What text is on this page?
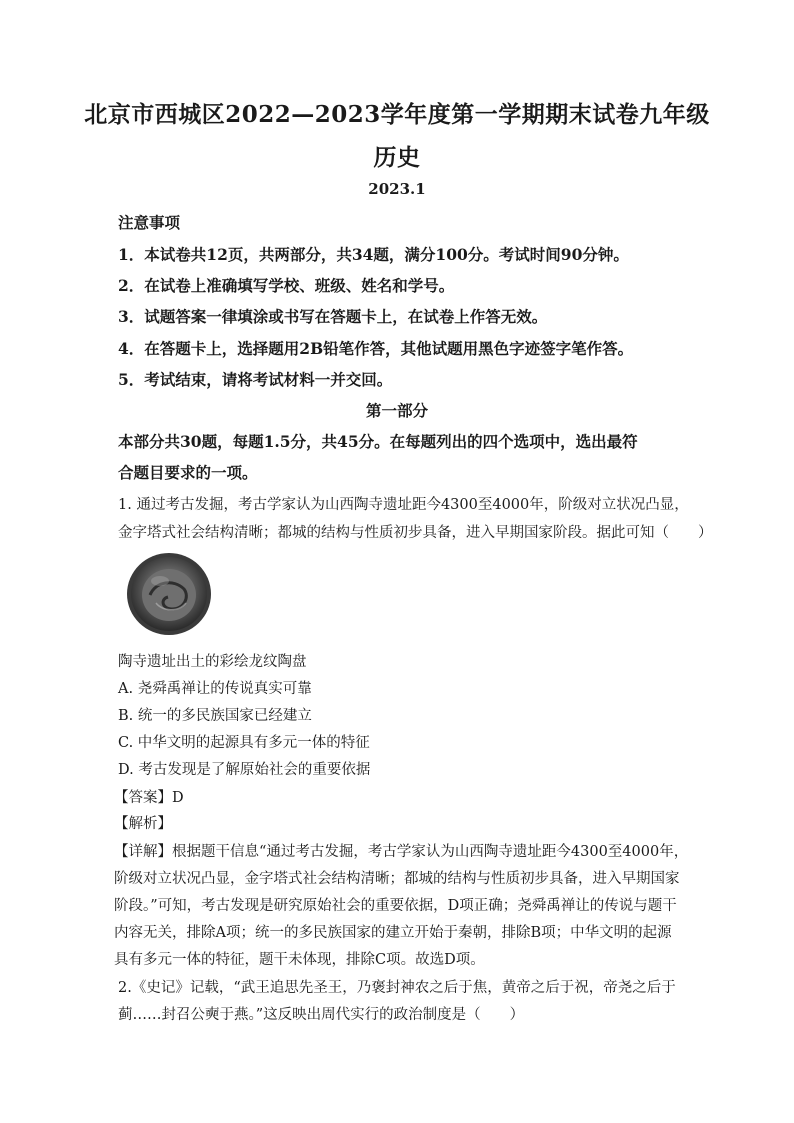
北京市西城区2022—2023学年度第一学期期末试卷九年级
历史
2023.1
注意事项
1．本试卷共12页，共两部分，共34题，满分100分。考试时间90分钟。
2．在试卷上准确填写学校、班级、姓名和学号。
3．试题答案一律填涂或书写在答题卡上，在试卷上作答无效。
4．在答题卡上，选择题用2B铅笔作答，其他试题用黑色字迹签字笔作答。
5．考试结束，请将考试材料一并交回。
第一部分
本部分共30题，每题1.5分，共45分。在每题列出的四个选项中，选出最符
合题目要求的一项。
1. 通过考古发掘，考古学家认为山西陶寺遗址距今4300至4000年，阶级对立状况凸显，
金字塔式社会结构清晰；都城的结构与性质初步具备，进入早期国家阶段。据此可知（　　）
陶寺遗址出土的彩绘龙纹陶盘
A. 尧舜禹禅让的传说真实可靠
B. 统一的多民族国家已经建立
C. 中华文明的起源具有多元一体的特征
D. 考古发现是了解原始社会的重要依据
【答案】D
【解析】
【详解】根据题干信息“通过考古发掘，考古学家认为山西陶寺遗址距今4300至4000年，
阶级对立状况凸显，金字塔式社会结构清晰；都城的结构与性质初步具备，进入早期国家
阶段。”可知，考古发现是研究原始社会的重要依据，D项正确；尧舜禹禅让的传说与题干
内容无关，排除A项；统一的多民族国家的建立开始于秦朝，排除B项；中华文明的起源
具有多元一体的特征，题干未体现，排除C项。故选D项。
2.《史记》记载，“武王追思先圣王，乃褒封神农之后于焦，黄帝之后于祝，帝尧之后于
蓟……封召公奭于燕。”这反映出周代实行的政治制度是（　　）
